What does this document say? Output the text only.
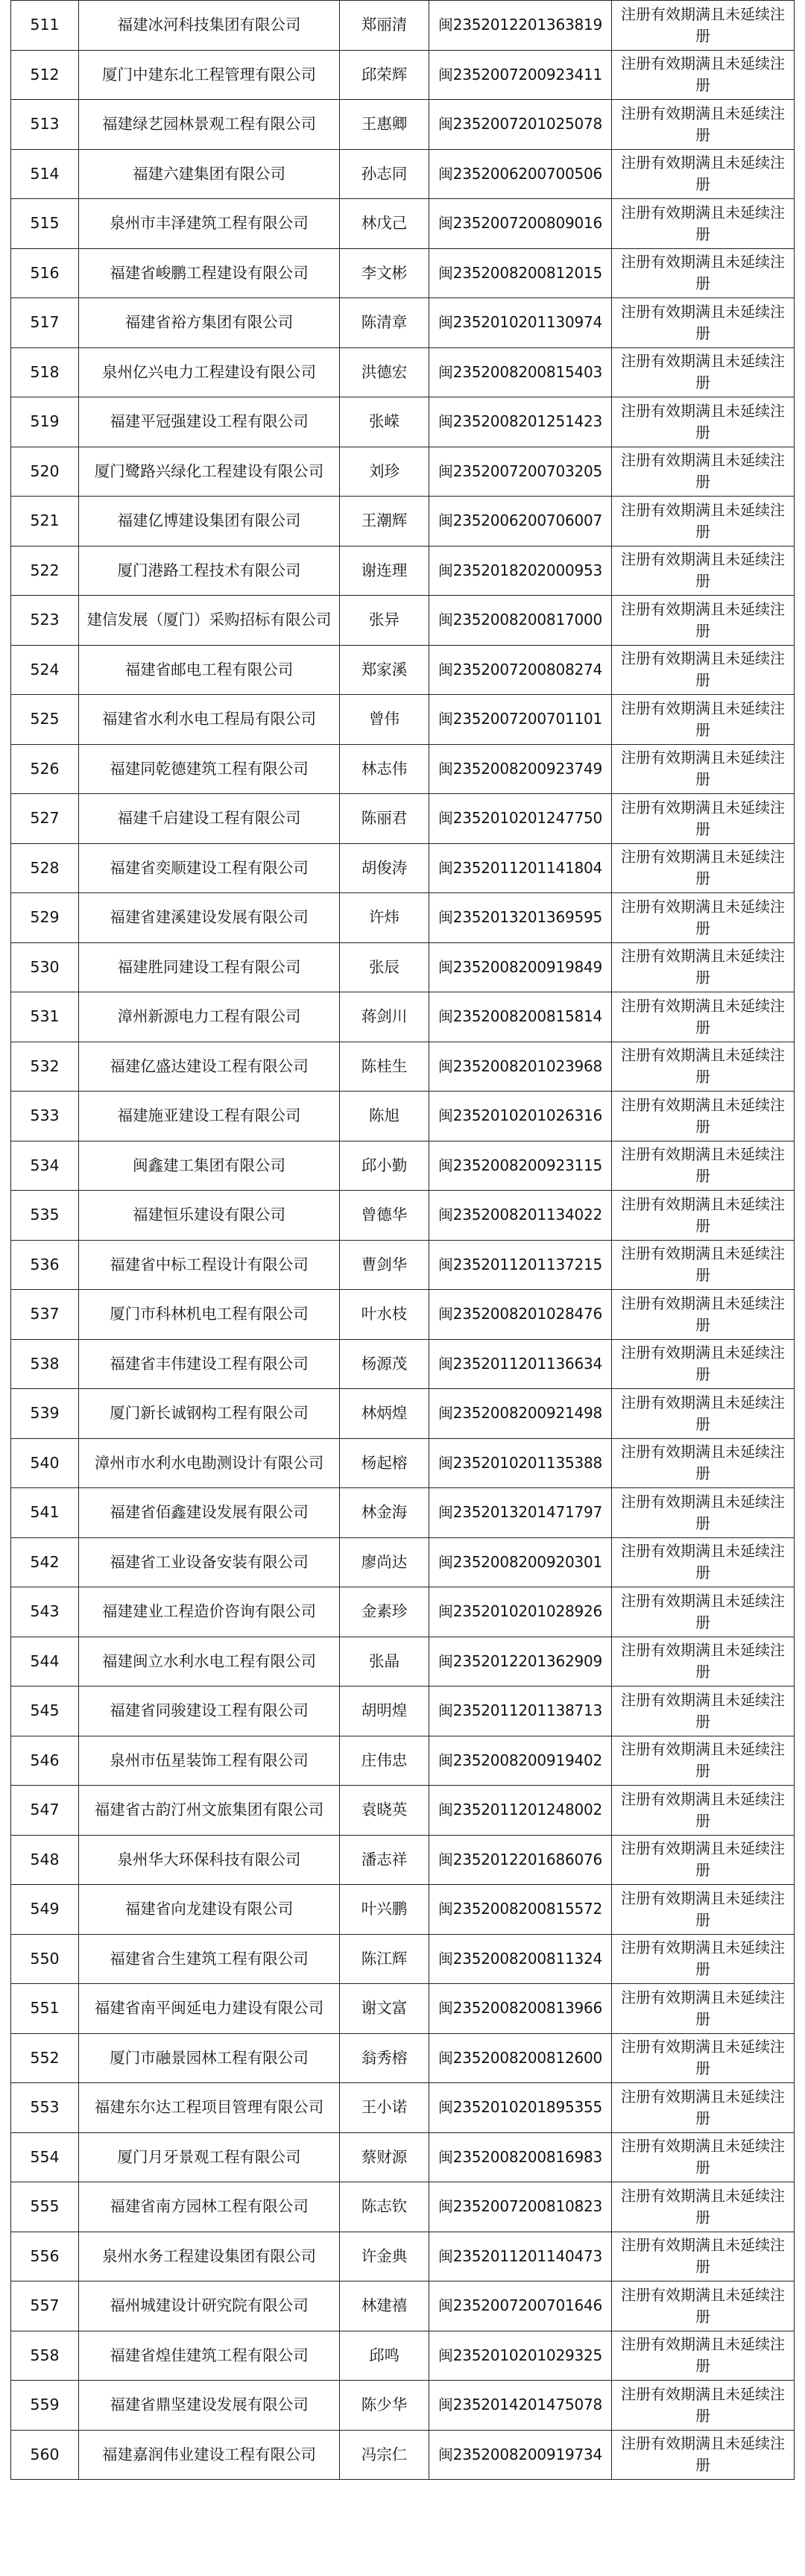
511	福建冰河科技集团有限公司	郑丽清	闽2352012201363819	注册有效期满且未延续注册
512	厦门中建东北工程管理有限公司	邱荣辉	闽2352007200923411	注册有效期满且未延续注册
513	福建绿艺园林景观工程有限公司	王惠卿	闽2352007201025078	注册有效期满且未延续注册
514	福建六建集团有限公司	孙志同	闽2352006200700506	注册有效期满且未延续注册
515	泉州市丰泽建筑工程有限公司	林戊己	闽2352007200809016	注册有效期满且未延续注册
516	福建省峻鹏工程建设有限公司	李文彬	闽2352008200812015	注册有效期满且未延续注册
517	福建省裕方集团有限公司	陈清章	闽2352010201130974	注册有效期满且未延续注册
518	泉州亿兴电力工程建设有限公司	洪德宏	闽2352008200815403	注册有效期满且未延续注册
519	福建平冠强建设工程有限公司	张嵘	闽2352008201251423	注册有效期满且未延续注册
520	厦门鹭路兴绿化工程建设有限公司	刘珍	闽2352007200703205	注册有效期满且未延续注册
521	福建亿博建设集团有限公司	王潮辉	闽2352006200706007	注册有效期满且未延续注册
522	厦门港路工程技术有限公司	谢连理	闽2352018202000953	注册有效期满且未延续注册
523	建信发展（厦门）采购招标有限公司	张异	闽2352008200817000	注册有效期满且未延续注册
524	福建省邮电工程有限公司	郑家溪	闽2352007200808274	注册有效期满且未延续注册
525	福建省水利水电工程局有限公司	曾伟	闽2352007200701101	注册有效期满且未延续注册
526	福建同乾德建筑工程有限公司	林志伟	闽2352008200923749	注册有效期满且未延续注册
527	福建千启建设工程有限公司	陈丽君	闽2352010201247750	注册有效期满且未延续注册
528	福建省奕顺建设工程有限公司	胡俊涛	闽2352011201141804	注册有效期满且未延续注册
529	福建省建溪建设发展有限公司	许炜	闽2352013201369595	注册有效期满且未延续注册
530	福建胜同建设工程有限公司	张辰	闽2352008200919849	注册有效期满且未延续注册
531	漳州新源电力工程有限公司	蒋剑川	闽2352008200815814	注册有效期满且未延续注册
532	福建亿盛达建设工程有限公司	陈桂生	闽2352008201023968	注册有效期满且未延续注册
533	福建施亚建设工程有限公司	陈旭	闽2352010201026316	注册有效期满且未延续注册
534	闽鑫建工集团有限公司	邱小勤	闽2352008200923115	注册有效期满且未延续注册
535	福建恒乐建设有限公司	曾德华	闽2352008201134022	注册有效期满且未延续注册
536	福建省中标工程设计有限公司	曹剑华	闽2352011201137215	注册有效期满且未延续注册
537	厦门市科林机电工程有限公司	叶水枝	闽2352008201028476	注册有效期满且未延续注册
538	福建省丰伟建设工程有限公司	杨源茂	闽2352011201136634	注册有效期满且未延续注册
539	厦门新长诚钢构工程有限公司	林炳煌	闽2352008200921498	注册有效期满且未延续注册
540	漳州市水利水电勘测设计有限公司	杨起榕	闽2352010201135388	注册有效期满且未延续注册
541	福建省佰鑫建设发展有限公司	林金海	闽2352013201471797	注册有效期满且未延续注册
542	福建省工业设备安装有限公司	廖尚达	闽2352008200920301	注册有效期满且未延续注册
543	福建建业工程造价咨询有限公司	金素珍	闽2352010201028926	注册有效期满且未延续注册
544	福建闽立水利水电工程有限公司	张晶	闽2352012201362909	注册有效期满且未延续注册
545	福建省同骏建设工程有限公司	胡明煌	闽2352011201138713	注册有效期满且未延续注册
546	泉州市伍星装饰工程有限公司	庄伟忠	闽2352008200919402	注册有效期满且未延续注册
547	福建省古韵汀州文旅集团有限公司	袁晓英	闽2352011201248002	注册有效期满且未延续注册
548	泉州华大环保科技有限公司	潘志祥	闽2352012201686076	注册有效期满且未延续注册
549	福建省向龙建设有限公司	叶兴鹏	闽2352008200815572	注册有效期满且未延续注册
550	福建省合生建筑工程有限公司	陈江辉	闽2352008200811324	注册有效期满且未延续注册
551	福建省南平闽延电力建设有限公司	谢文富	闽2352008200813966	注册有效期满且未延续注册
552	厦门市融景园林工程有限公司	翁秀榕	闽2352008200812600	注册有效期满且未延续注册
553	福建东尔达工程项目管理有限公司	王小诺	闽2352010201895355	注册有效期满且未延续注册
554	厦门月牙景观工程有限公司	蔡财源	闽2352008200816983	注册有效期满且未延续注册
555	福建省南方园林工程有限公司	陈志钦	闽2352007200810823	注册有效期满且未延续注册
556	泉州水务工程建设集团有限公司	许金典	闽2352011201140473	注册有效期满且未延续注册
557	福州城建设计研究院有限公司	林建禧	闽2352007200701646	注册有效期满且未延续注册
558	福建省煌佳建筑工程有限公司	邱鸣	闽2352010201029325	注册有效期满且未延续注册
559	福建省鼎坚建设发展有限公司	陈少华	闽2352014201475078	注册有效期满且未延续注册
560	福建嘉润伟业建设工程有限公司	冯宗仁	闽2352008200919734	注册有效期满且未延续注册
